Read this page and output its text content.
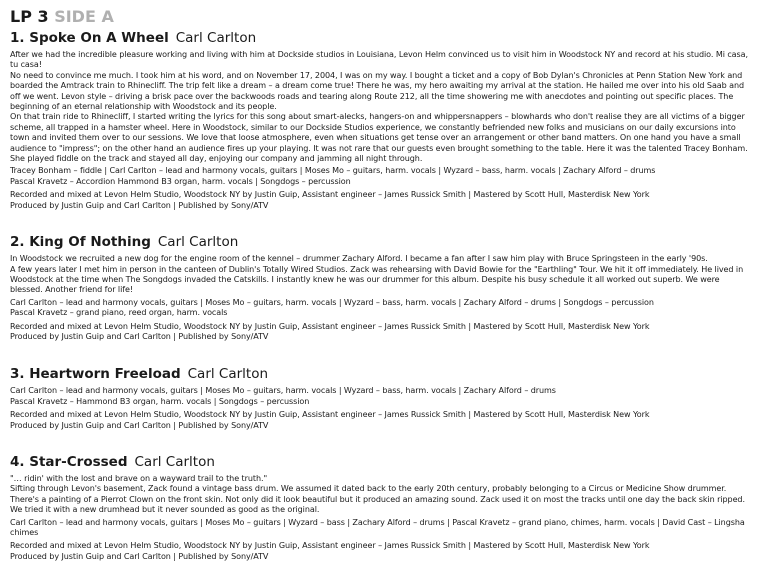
LP 3 SIDE A
1. Spoke On A Wheel Carl Carlton

After we had the incredible pleasure working and living with him at Dockside studios in Louisiana, Levon Helm convinced us to visit him in Woodstock NY and record at his studio. Mi casa, tu casa!

No need to convince me much. I took him at his word, and on November 17, 2004, I was on my way. I bought a ticket and a copy of Bob Dylan's Chronicles at Penn Station New York and boarded the Amtrack train to Rhinecliff. The trip felt like a dream – a dream come true! There he was, my hero awaiting my arrival at the station. He hailed me over into his old Saab and off we went. Levon style – driving a brisk pace over the backwoods roads and tearing along Route 212, all the time showering me with anecdotes and pointing out specific places. The beginning of an eternal relationship with Woodstock and its people.

On that train ride to Rhinecliff, I started writing the lyrics for this song about smart-alecks, hangers-on and whippersnappers – blowhards who don't realise they are all victims of a bigger scheme, all trapped in a hamster wheel. Here in Woodstock, similar to our Dockside Studios experience, we constantly befriended new folks and musicians on our daily excursions into town and invited them over to our sessions. We love that loose atmosphere, even when situations get tense over an arrangement or other band matters. On one hand you have a small audience to "impress"; on the other hand an audience fires up your playing. It was not rare that our guests even brought something to the table. Here it was the talented Tracey Bonham. She played fiddle on the track and stayed all day, enjoying our company and jamming all night through.

Tracey Bonham – fiddle | Carl Carlton – lead and harmony vocals, guitars | Moses Mo – guitars, harm. vocals | Wyzard – bass, harm. vocals | Zachary Alford – drums

Pascal Kravetz – Accordion Hammond B3 organ, harm. vocals | Songdogs – percussion

Recorded and mixed at Levon Helm Studio, Woodstock NY by Justin Guip, Assistant engineer – James Russick Smith | Mastered by Scott Hull, Masterdisk New York

Produced by Justin Guip and Carl Carlton | Published by Sony/ATV

2. King Of Nothing Carl Carlton

In Woodstock we recruited a new dog for the engine room of the kennel – drummer Zachary Alford. I became a fan after I saw him play with Bruce Springsteen in the early '90s.

A few years later I met him in person in the canteen of Dublin's Totally Wired Studios. Zack was rehearsing with David Bowie for the "Earthling" Tour. We hit it off immediately. He lived in Woodstock at the time when The Songdogs invaded the Catskills. I instantly knew he was our drummer for this album. Despite his busy schedule it all worked out superb. We were blessed. Another friend for life!

Carl Carlton – lead and harmony vocals, guitars | Moses Mo – guitars, harm. vocals | Wyzard – bass, harm. vocals | Zachary Alford – drums | Songdogs – percussion

Pascal Kravetz – grand piano, reed organ, harm. vocals

Recorded and mixed at Levon Helm Studio, Woodstock NY by Justin Guip, Assistant engineer – James Russick Smith | Mastered by Scott Hull, Masterdisk New York

Produced by Justin Guip and Carl Carlton | Published by Sony/ATV

3. Heartworn Freeload Carl Carlton

Carl Carlton – lead and harmony vocals, guitars | Moses Mo – guitars, harm. vocals | Wyzard – bass, harm. vocals | Zachary Alford – drums

Pascal Kravetz – Hammond B3 organ, harm. vocals | Songdogs – percussion

Recorded and mixed at Levon Helm Studio, Woodstock NY by Justin Guip, Assistant engineer – James Russick Smith | Mastered by Scott Hull, Masterdisk New York

Produced by Justin Guip and Carl Carlton | Published by Sony/ATV

4. Star-Crossed Carl Carlton

"… ridin' with the lost and brave on a wayward trail to the truth."

Sifting through Levon's basement, Zack found a vintage bass drum. We assumed it dated back to the early 20th century, probably belonging to a Circus or Medicine Show drummer. There's a painting of a Pierrot Clown on the front skin. Not only did it look beautiful but it produced an amazing sound. Zack used it on most the tracks until one day the back skin ripped. We tried it with a new drumhead but it never sounded as good as the original.

Carl Carlton – lead and harmony vocals, guitars | Moses Mo – guitars | Wyzard – bass | Zachary Alford – drums | Pascal Kravetz – grand piano, chimes, harm. vocals | David Cast – Lingsha chimes

Recorded and mixed at Levon Helm Studio, Woodstock NY by Justin Guip, Assistant engineer – James Russick Smith | Mastered by Scott Hull, Masterdisk New York

Produced by Justin Guip and Carl Carlton | Published by Sony/ATV
